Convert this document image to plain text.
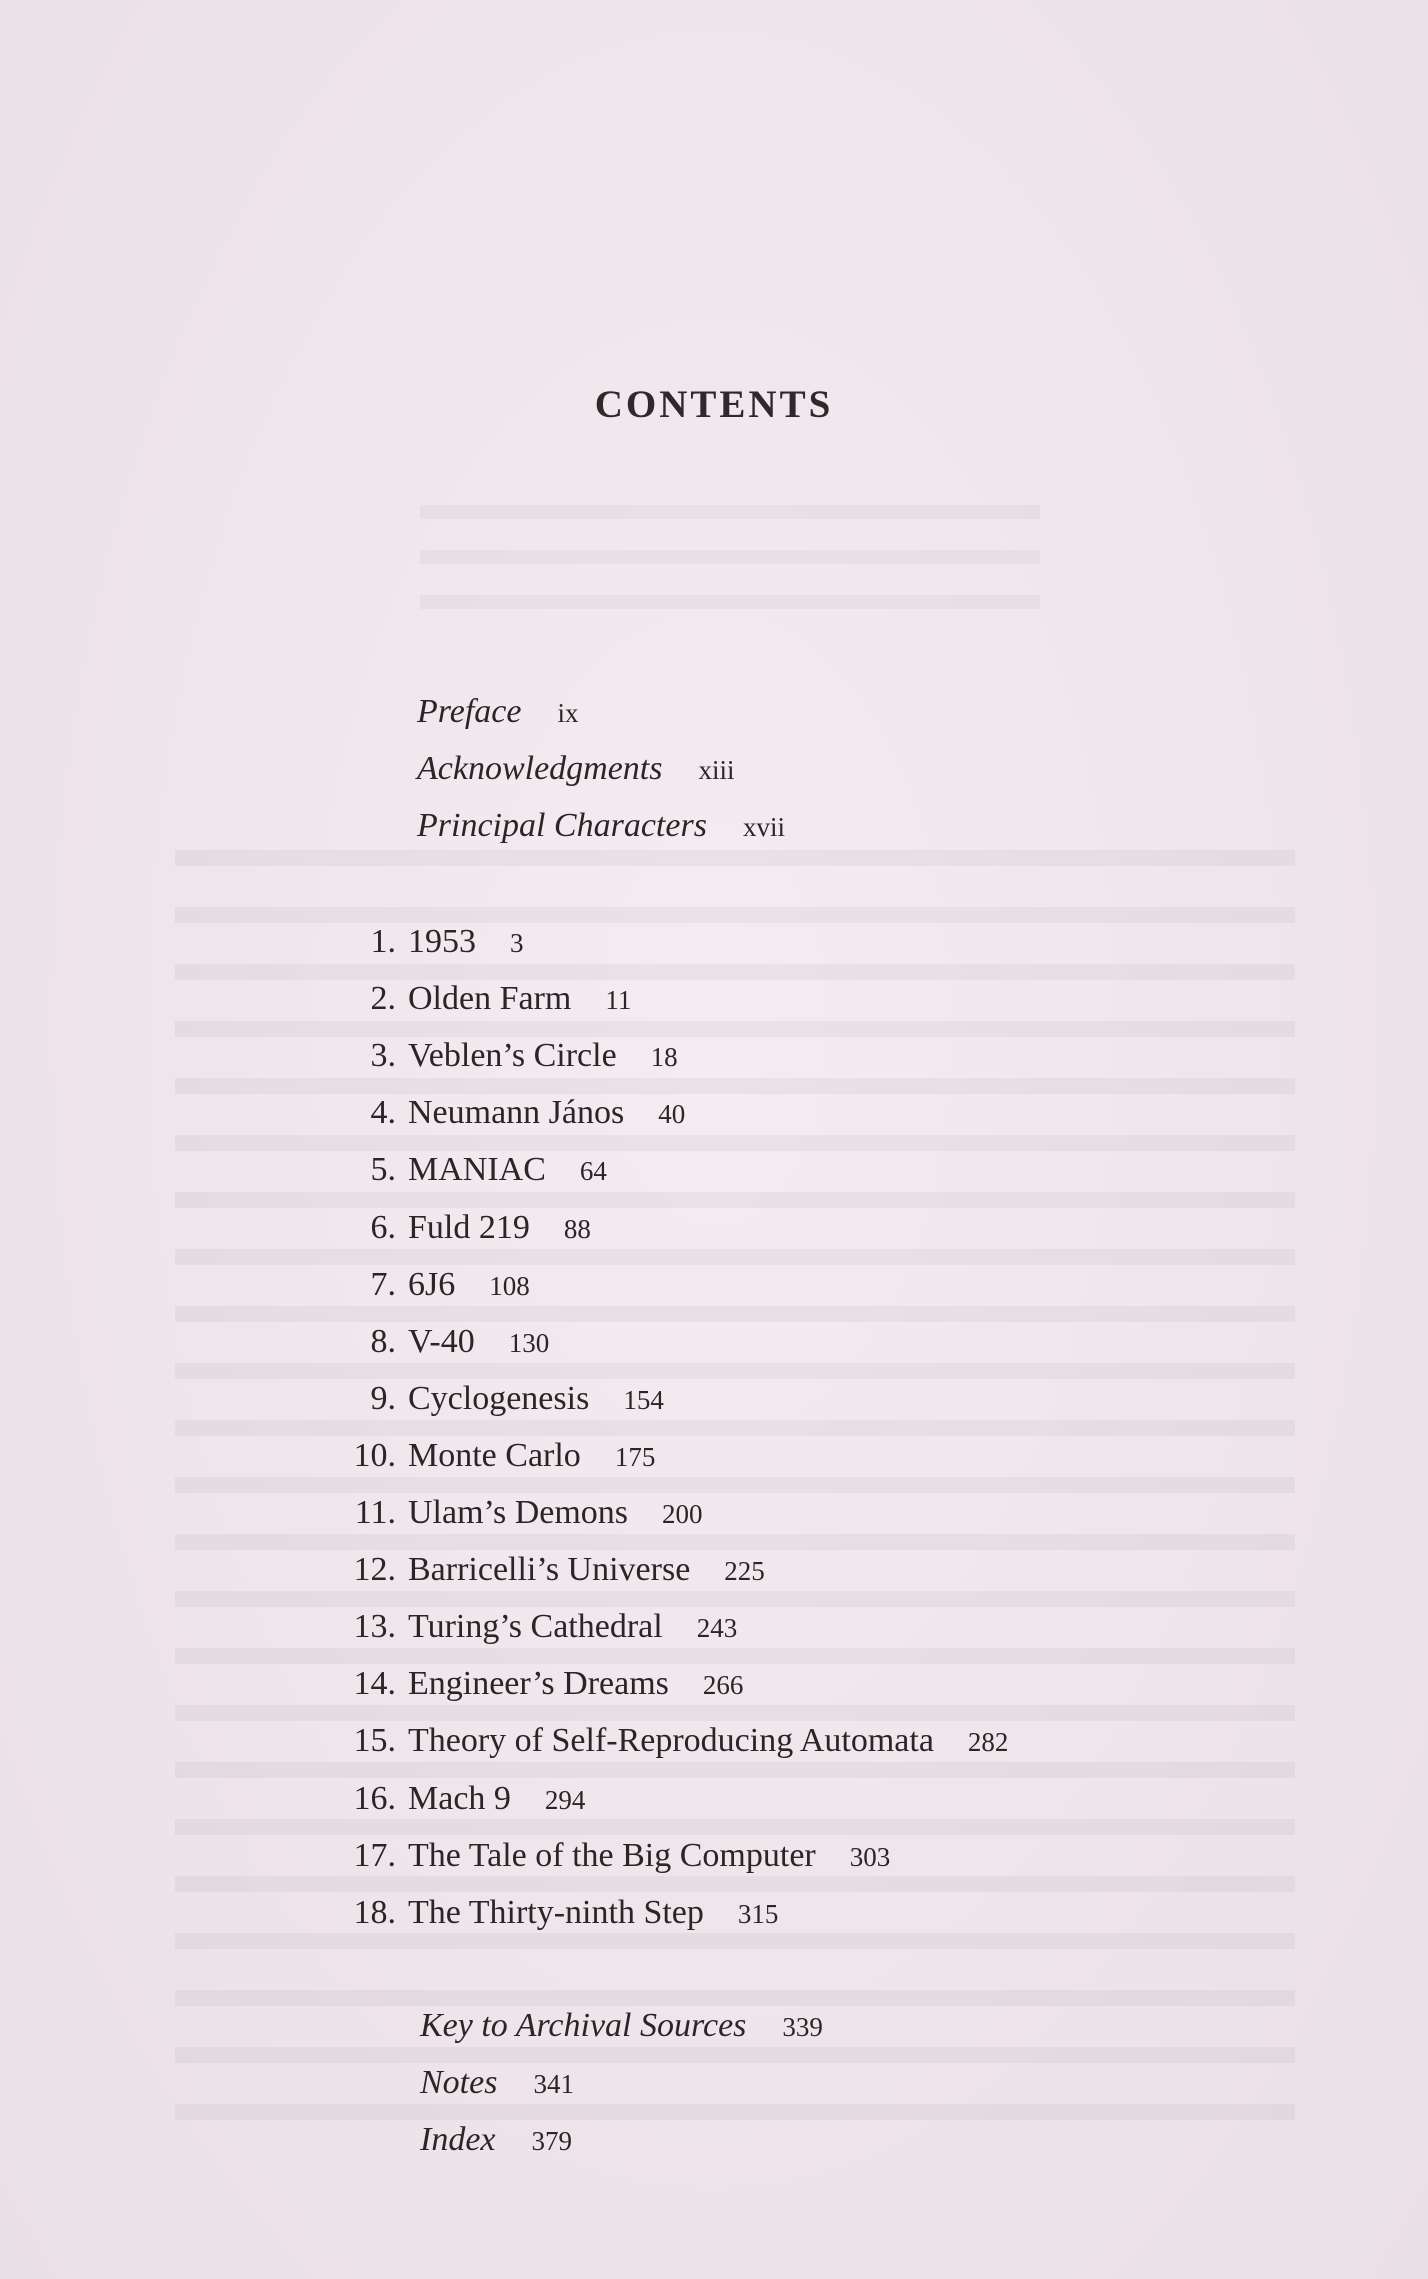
CONTENTS
Preface ix
Acknowledgments xiii
Principal Characters xvii
1. 1953 3
2. Olden Farm 11
3. Veblen’s Circle 18
4. Neumann János 40
5. MANIAC 64
6. Fuld 219 88
7. 6J6 108
8. V-40 130
9. Cyclogenesis 154
10. Monte Carlo 175
11. Ulam’s Demons 200
12. Barricelli’s Universe 225
13. Turing’s Cathedral 243
14. Engineer’s Dreams 266
15. Theory of Self-Reproducing Automata 282
16. Mach 9 294
17. The Tale of the Big Computer 303
18. The Thirty-ninth Step 315
Key to Archival Sources 339
Notes 341
Index 379
